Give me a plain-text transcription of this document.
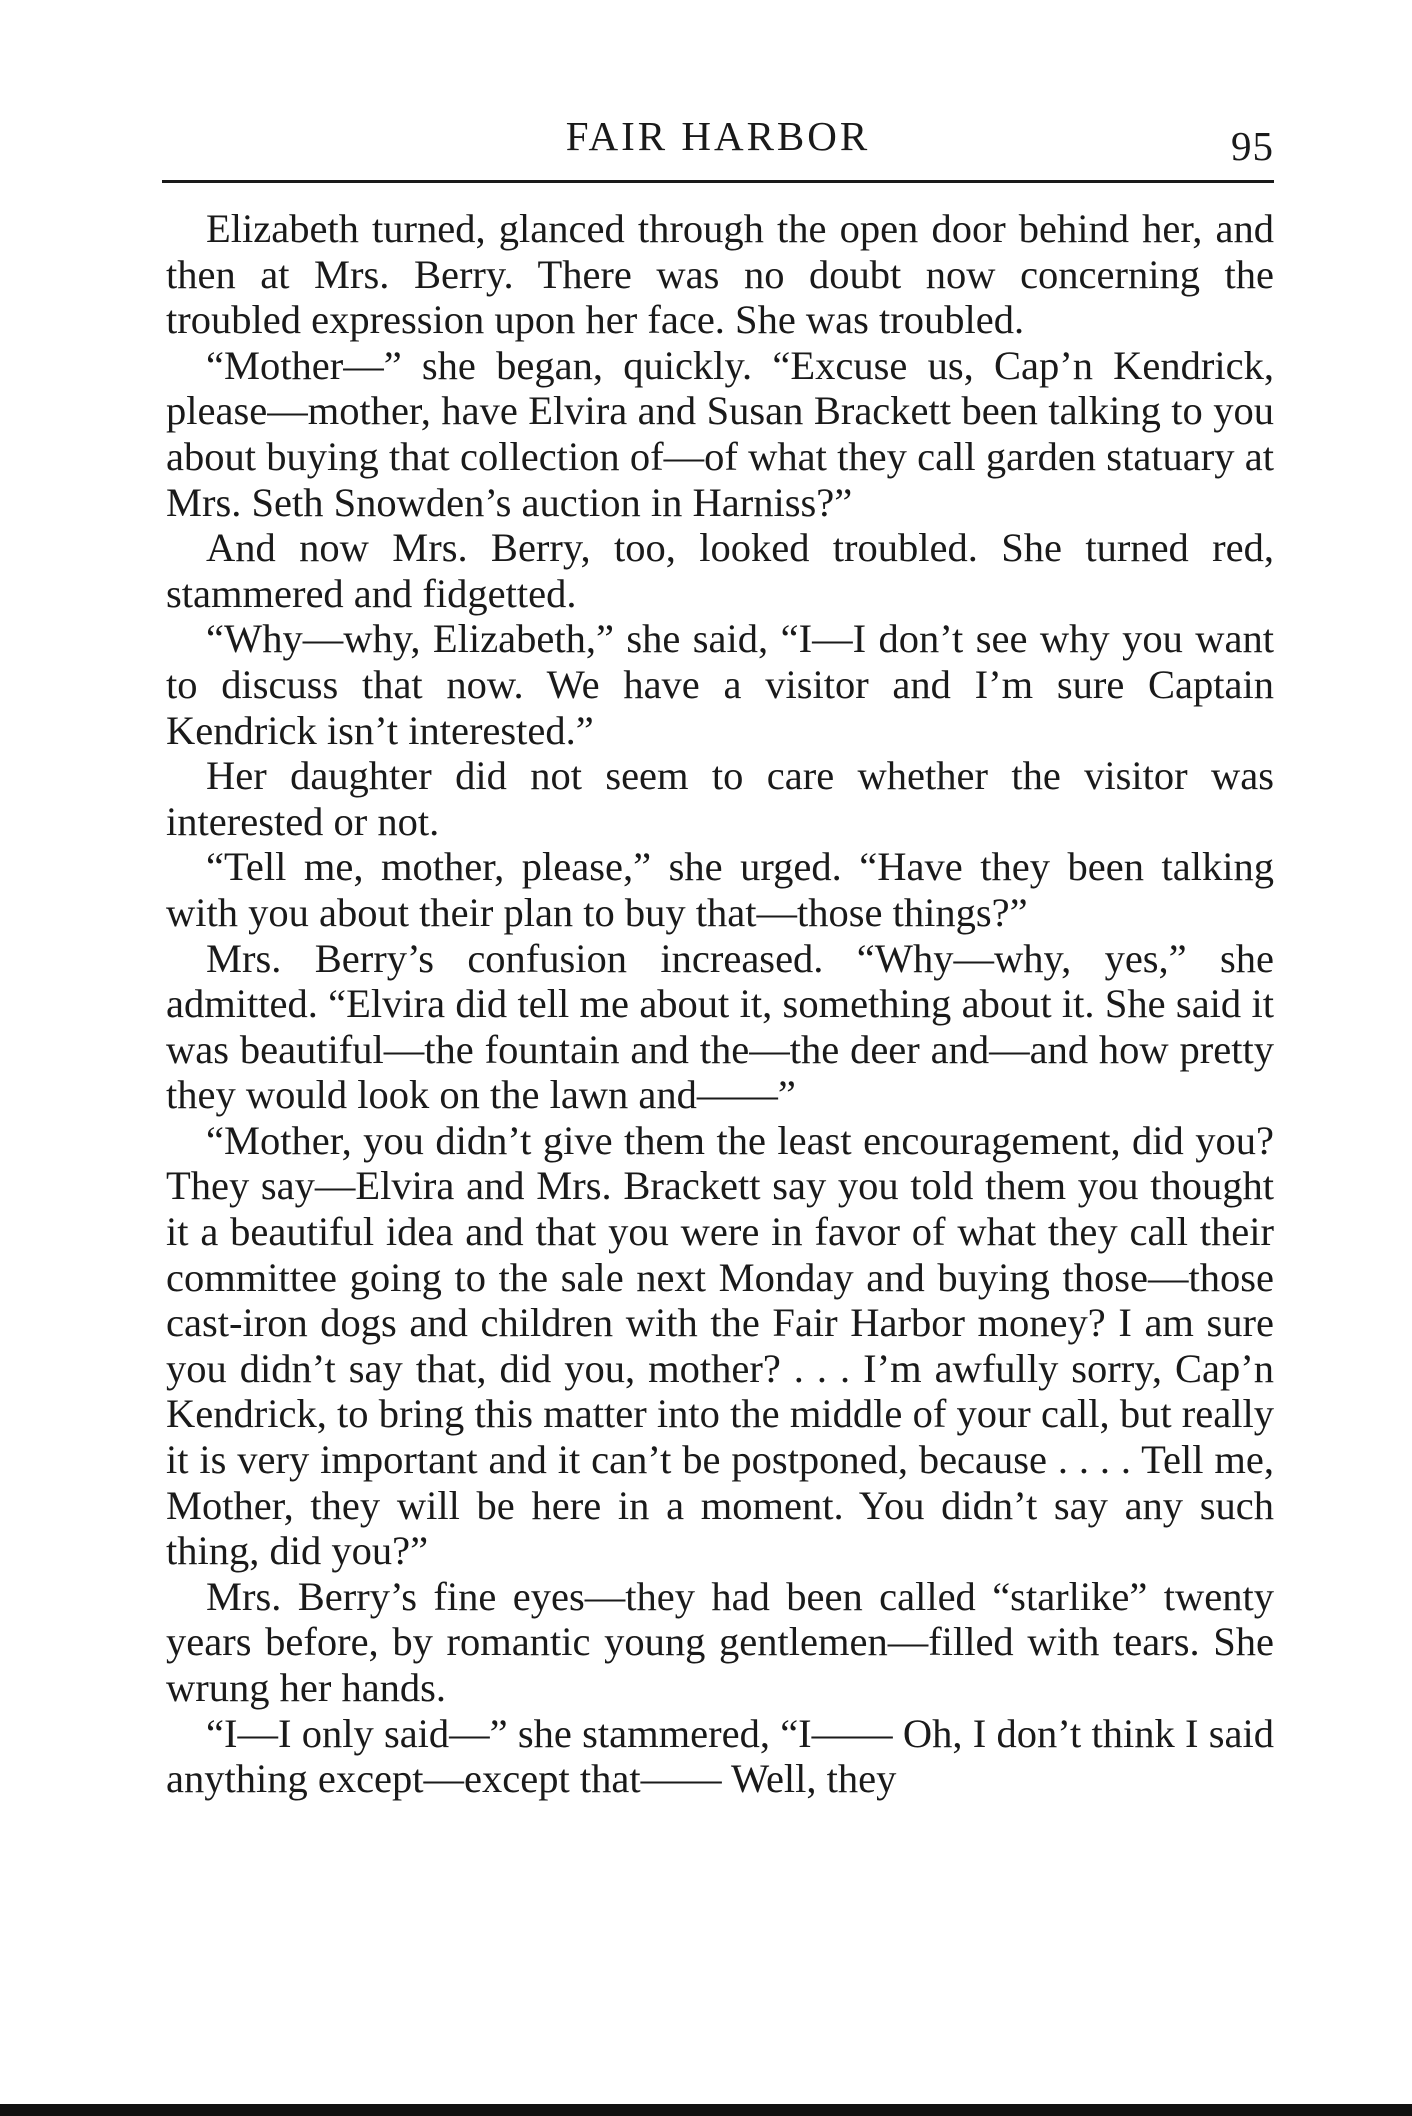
FAIR HARBOR	95

Elizabeth turned, glanced through the open door behind her, and then at Mrs. Berry. There was no doubt now concerning the troubled expression upon her face. She was troubled.

“Mother—” she began, quickly. “Excuse us, Cap’n Kendrick, please—mother, have Elvira and Susan Brackett been talking to you about buying that collection of—of what they call garden statuary at Mrs. Seth Snowden’s auction in Harniss?”

And now Mrs. Berry, too, looked troubled. She turned red, stammered and fidgetted.

“Why—why, Elizabeth,” she said, “I—I don’t see why you want to discuss that now. We have a visitor and I’m sure Captain Kendrick isn’t interested.”

Her daughter did not seem to care whether the visitor was interested or not.

“Tell me, mother, please,” she urged. “Have they been talking with you about their plan to buy that—those things?”

Mrs. Berry’s confusion increased. “Why—why, yes,” she admitted. “Elvira did tell me about it, something about it. She said it was beautiful—the fountain and the—the deer and—and how pretty they would look on the lawn and——”

“Mother, you didn’t give them the least encouragement, did you? They say—Elvira and Mrs. Brackett say you told them you thought it a beautiful idea and that you were in favor of what they call their committee going to the sale next Monday and buying those—those cast-iron dogs and children with the Fair Harbor money? I am sure you didn’t say that, did you, mother? . . . I’m awfully sorry, Cap’n Kendrick, to bring this matter into the middle of your call, but really it is very important and it can’t be postponed, because . . . . Tell me, Mother, they will be here in a moment. You didn’t say any such thing, did you?”

Mrs. Berry’s fine eyes—they had been called “starlike” twenty years before, by romantic young gentlemen—filled with tears. She wrung her hands.

“I—I only said—” she stammered, “I—— Oh, I don’t think I said anything except—except that—— Well, they
